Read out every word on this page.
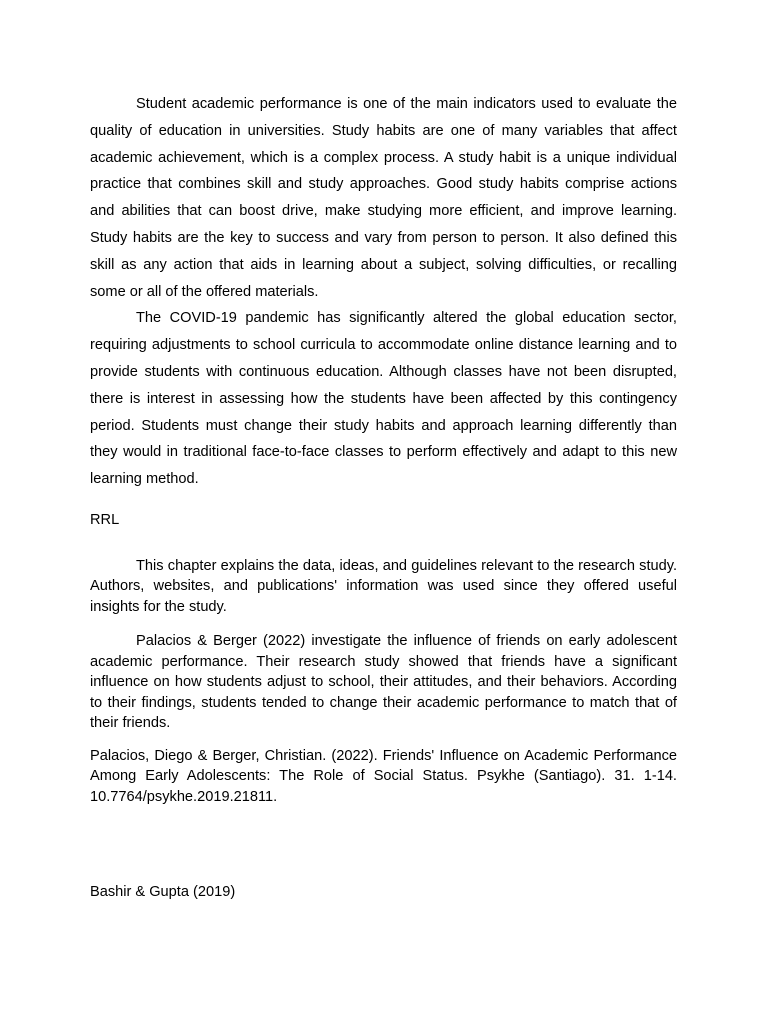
Student academic performance is one of the main indicators used to evaluate the quality of education in universities. Study habits are one of many variables that affect academic achievement, which is a complex process. A study habit is a unique individual practice that combines skill and study approaches. Good study habits comprise actions and abilities that can boost drive, make studying more efficient, and improve learning. Study habits are the key to success and vary from person to person. It also defined this skill as any action that aids in learning about a subject, solving difficulties, or recalling some or all of the offered materials.

The COVID-19 pandemic has significantly altered the global education sector, requiring adjustments to school curricula to accommodate online distance learning and to provide students with continuous education. Although classes have not been disrupted, there is interest in assessing how the students have been affected by this contingency period. Students must change their study habits and approach learning differently than they would in traditional face-to-face classes to perform effectively and adapt to this new learning method.

RRL

This chapter explains the data, ideas, and guidelines relevant to the research study. Authors, websites, and publications' information was used since they offered useful insights for the study.

Palacios & Berger (2022) investigate the influence of friends on early adolescent academic performance. Their research study showed that friends have a significant influence on how students adjust to school, their attitudes, and their behaviors. According to their findings, students tended to change their academic performance to match that of their friends.

Palacios, Diego & Berger, Christian. (2022). Friends' Influence on Academic Performance Among Early Adolescents: The Role of Social Status. Psykhe (Santiago). 31. 1-14. 10.7764/psykhe.2019.21811.

Bashir & Gupta (2019)
